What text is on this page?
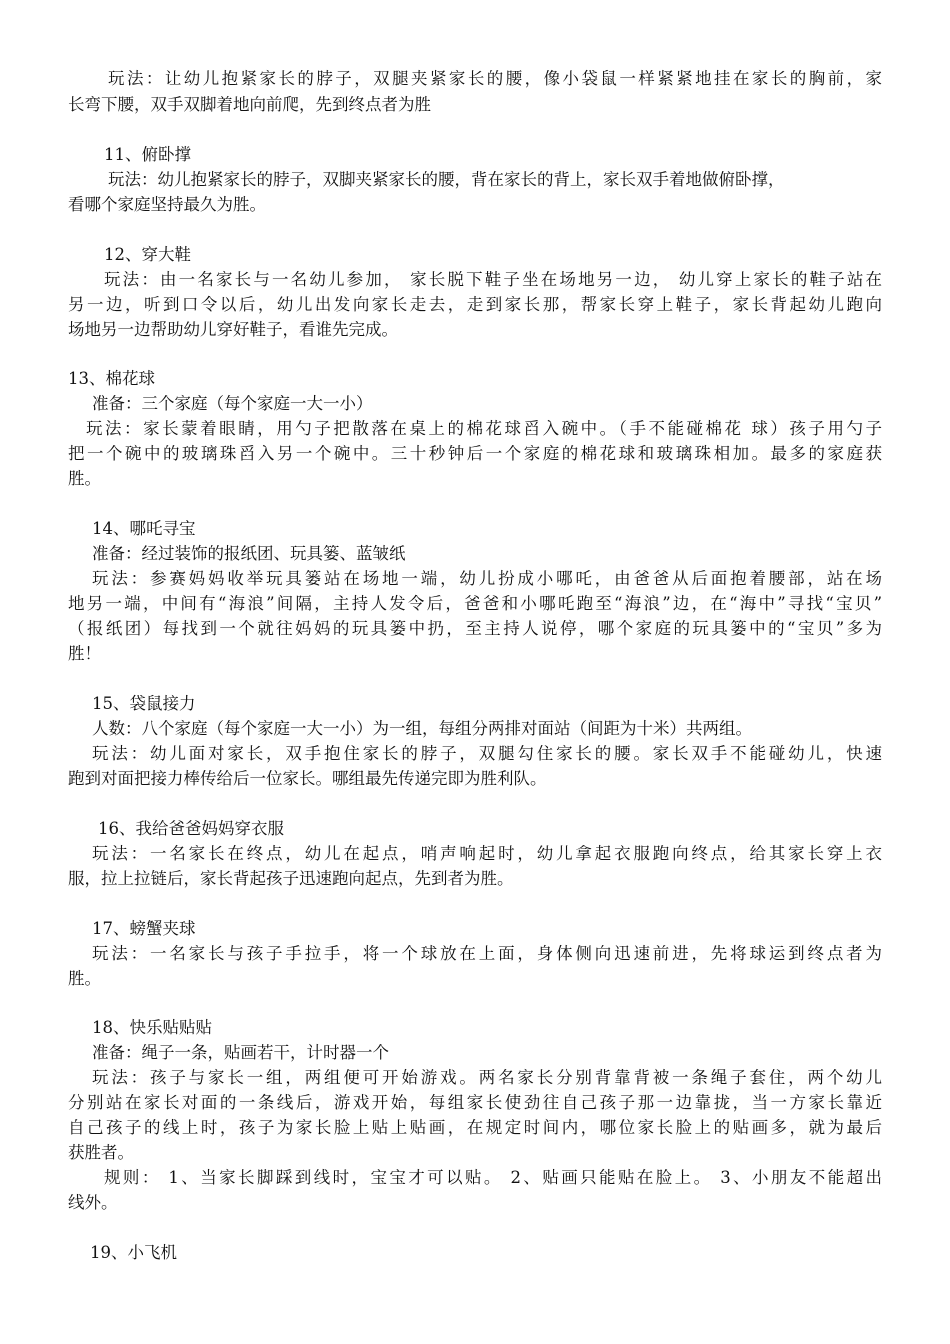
玩法：让幼儿抱紧家长的脖子，双腿夹紧家长的腰，像小袋鼠一样紧紧地挂在家长的胸前，家
长弯下腰，双手双脚着地向前爬，先到终点者为胜
11、俯卧撑
玩法：幼儿抱紧家长的脖子，双脚夹紧家长的腰，背在家长的背上，家长双手着地做俯卧撑，
看哪个家庭坚持最久为胜。
12、穿大鞋
玩法：由一名家长与一名幼儿参加， 家长脱下鞋子坐在场地另一边， 幼儿穿上家长的鞋子站在
另一边，听到口令以后，幼儿出发向家长走去，走到家长那，帮家长穿上鞋子，家长背起幼儿跑向
场地另一边帮助幼儿穿好鞋子，看谁先完成。
13、棉花球
准备：三个家庭（每个家庭一大一小）
玩法：家长蒙着眼睛，用勺子把散落在桌上的棉花球舀入碗中。（手不能碰棉花 球）孩子用勺子
把一个碗中的玻璃珠舀入另一个碗中。三十秒钟后一个家庭的棉花球和玻璃珠相加。最多的家庭获
胜。
14、哪吒寻宝
准备：经过装饰的报纸团、玩具篓、蓝皱纸
玩法：参赛妈妈收举玩具篓站在场地一端，幼儿扮成小哪吒，由爸爸从后面抱着腰部，站在场
地另一端，中间有“海浪”间隔，主持人发令后，爸爸和小哪吒跑至“海浪”边，在“海中”寻找“宝贝”
（报纸团）每找到一个就往妈妈的玩具篓中扔，至主持人说停，哪个家庭的玩具篓中的“宝贝”多为
胜！
15、袋鼠接力
人数：八个家庭（每个家庭一大一小）为一组，每组分两排对面站（间距为十米）共两组。
玩法：幼儿面对家长，双手抱住家长的脖子，双腿勾住家长的腰。家长双手不能碰幼儿，快速
跑到对面把接力棒传给后一位家长。哪组最先传递完即为胜利队。
16、我给爸爸妈妈穿衣服
玩法：一名家长在终点，幼儿在起点，哨声响起时，幼儿拿起衣服跑向终点，给其家长穿上衣
服，拉上拉链后，家长背起孩子迅速跑向起点，先到者为胜。
17、螃蟹夹球
玩法：一名家长与孩子手拉手，将一个球放在上面，身体侧向迅速前进，先将球运到终点者为
胜。
18、快乐贴贴贴
准备：绳子一条，贴画若干，计时器一个
玩法：孩子与家长一组，两组便可开始游戏。两名家长分别背靠背被一条绳子套住，两个幼儿
分别站在家长对面的一条线后，游戏开始，每组家长使劲往自己孩子那一边靠拢，当一方家长靠近
自己孩子的线上时，孩子为家长脸上贴上贴画，在规定时间内，哪位家长脸上的贴画多，就为最后
获胜者。
规则： 1、当家长脚踩到线时，宝宝才可以贴。 2、贴画只能贴在脸上。 3、小朋友不能超出
线外。
19、小飞机
